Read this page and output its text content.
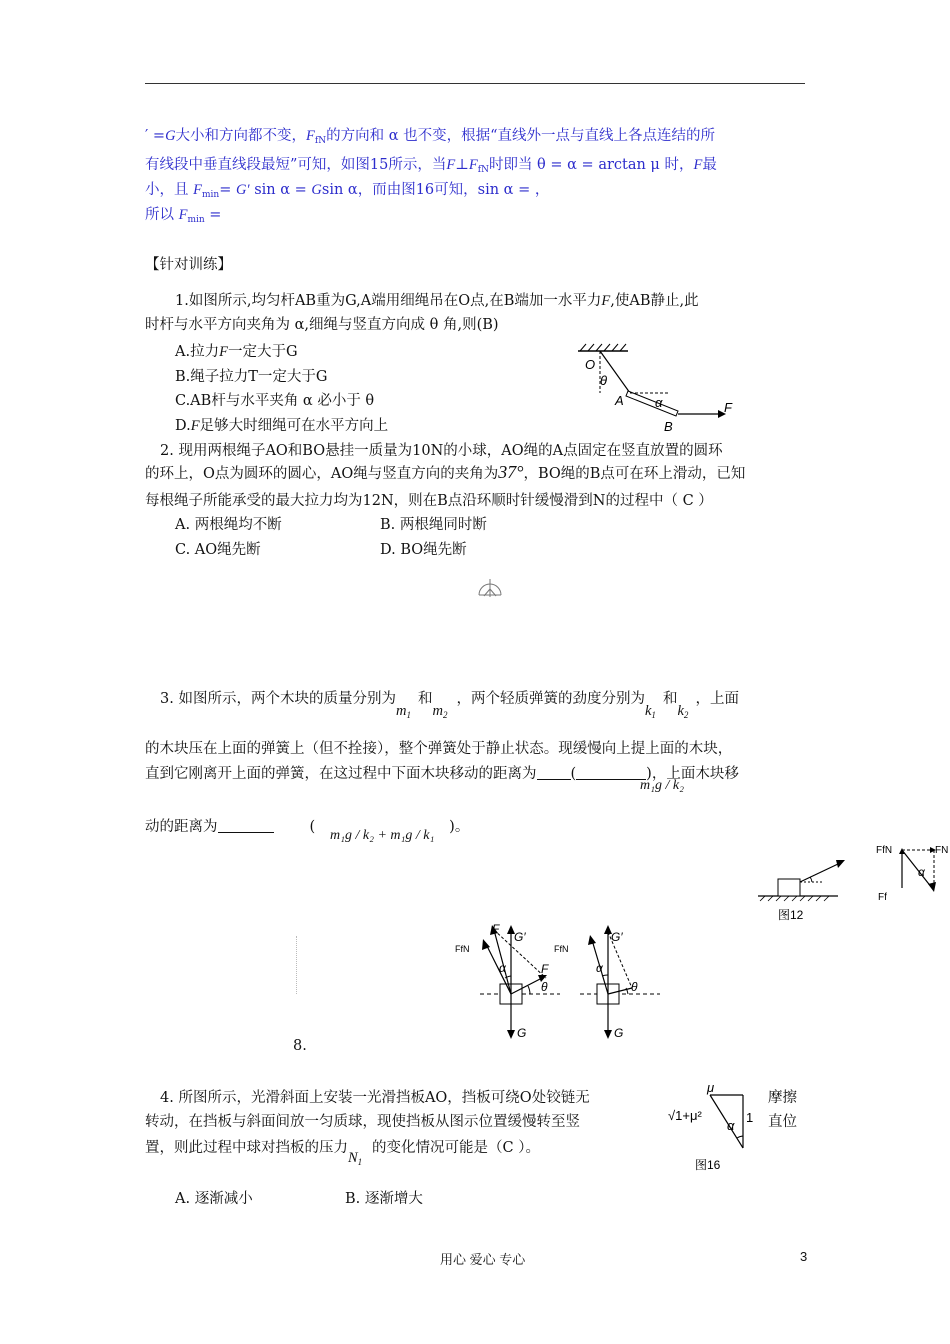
′ =G大小和方向都不变，$F_{fN}$的方向和 α 也不变，根据“直线外一点与直线上各点连结的所
有线段中垂直线段最短”可知，如图15所示，当$F\perp F_{fN}$时即当 θ = α = arctan μ 时，F最
小，且 $F_{min}= G'$ sin α = Gsin α，而由图16可知，sin α = ，
所以 $F_{min}$ =
【针对训练】
1.如图所示,均匀杆AB重为G,A端用细绳吊在O点,在B端加一水平力F,使AB静止,此
时杆与水平方向夹角为 α,细绳与竖直方向成 θ 角,则(B)
A.拉力F一定大于G
B.绳子拉力T一定大于G
C.AB杆与水平夹角 α 必小于 θ
D.F足够大时细绳可在水平方向上
O
θ
A α
B
F
2. 现用两根绳子AO和BO悬挂一质量为10N的小球，AO绳的A点固定在竖直放置的圆环
的环上，O点为圆环的圆心，AO绳与竖直方向的夹角为37°，BO绳的B点可在环上滑动，已知
每根绳子所能承受的最大拉力均为12N，则在B点沿环顺时针缓慢滑到N的过程中（ C ）
A. 两根绳均不断	B. 两根绳同时断
C. AO绳先断	D. BO绳先断
3. 如图所示，两个木块的质量分别为$m_1$和$m_2$，两个轻质弹簧的劲度分别为$k_1$和$k_2$，上面
的木块压在上面的弹簧上（但不拴接），整个弹簧处于静止状态。现缓慢向上提上面的木块，
直到它刚离开上面的弹簧，在这过程中下面木块移动的距离为 (	)，上面木块移
m₁g / k₂
动的距离为	(	)。
m₁g / k₂ + m₁g / k₁
FfN	FN
Ff
α
图12
FfN
F
G′
α	F
θ
G
FfN
G′
α
θ
G
8.
4. 所图所示，光滑斜面上安装一光滑挡板AO，挡板可绕O处铰链无	摩擦
转动，在挡板与斜面间放一匀质球，现使挡板从图示位置缓慢转至竖	直位
置，则此过程中球对挡板的压力$N_1$的变化情况可能是（C ）。
A. 逐渐减小	B. 逐渐增大
μ
√1+μ²	1
α
图16
用心 爱心 专心	3
